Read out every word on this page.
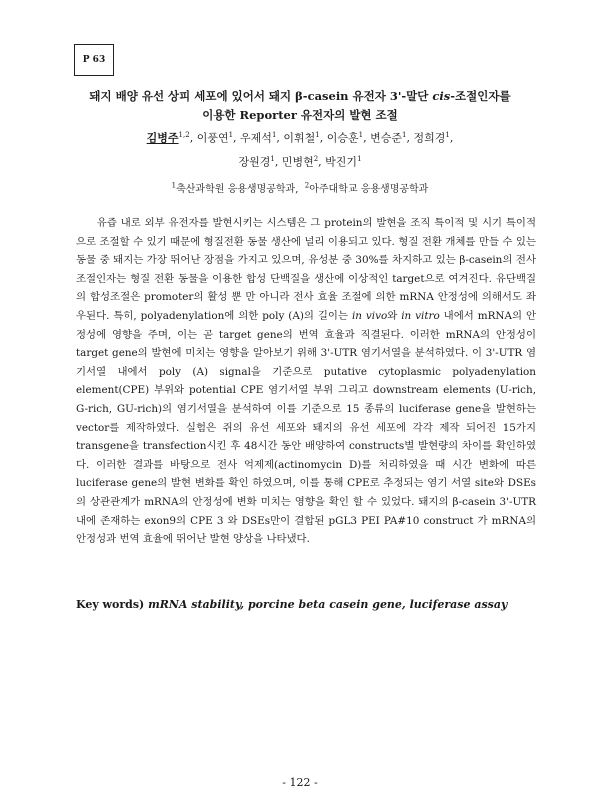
P 63
돼지 배양 유선 상피 세포에 있어서 돼지 β-casein 유전자 3'-말단 cis-조절인자를
이용한 Reporter 유전자의 발현 조절
김병주$^{1,2}$, 이풍연$^1$, 우제석$^1$, 이휘철$^1$, 이승훈$^1$, 변승준$^1$, 정희경$^1$,
장원경$^1$, 민병현$^2$, 박진기$^1$
$^1$축산과학원 응용생명공학과,  $^2$아주대학교 응용생명공학과

유즙 내로 외부 유전자를 발현시키는 시스템은 그 protein의 발현을 조직 특이적 및 시기 특이적으로 조절할 수 있기 때문에 형질전환 동물 생산에 널리 이용되고 있다. 형질 전환 개체를 만들 수 있는 동물 중 돼지는 가장 뛰어난 장점을 가지고 있으며, 유성분 중 30%를 차지하고 있는 β-casein의 전사조절인자는 형질 전환 동물을 이용한 합성 단백질을 생산에 이상적인 target으로 여겨진다. 유단백질의 합성조절은 promoter의 활성 뿐 만 아니라 전사 효율 조절에 의한 mRNA 안정성에 의해서도 좌우된다. 특히, polyadenylation에 의한 poly (A)의 길이는 in vivo와 in vitro 내에서 mRNA의 안정성에 영향을 주며, 이는 곧 target gene의 번역 효율과 직결된다. 이러한 mRNA의 안정성이 target gene의 발현에 미치는 영향을 알아보기 위해 3'-UTR 염기서열을 분석하였다. 이 3'-UTR 염기서열 내에서 poly (A) signal을 기준으로 putative cytoplasmic polyadenylation element(CPE) 부위와 potential CPE 염기서열 부위 그리고 downstream elements (U-rich, G-rich, GU-rich)의 염기서열을 분석하여 이를 기준으로 15 종류의 luciferase gene을 발현하는 vector를 제작하였다. 실험은 쥐의 유선 세포와 돼지의 유선 세포에 각각 제작 되어진 15가지 transgene을 transfection시킨 후 48시간 동안 배양하여 constructs별 발현량의 차이를 확인하였다. 이러한 결과를 바탕으로 전사 억제제(actinomycin D)를 처리하였을 때 시간 변화에 따른 luciferase gene의 발현 변화를 확인 하였으며, 이를 통해 CPE로 추정되는 염기 서열 site와 DSEs의 상관관계가 mRNA의 안정성에 변화 미치는 영향을 확인 할 수 있었다. 돼지의 β-casein 3'-UTR내에 존재하는 exon9의 CPE 3 와 DSEs만이 결합된 pGL3 PEI PA#10 construct 가 mRNA의 안정성과 번역 효율에 뛰어난 발현 양상을 나타냈다.

Key words) mRNA stability, porcine beta casein gene, luciferase assay
- 122 -
